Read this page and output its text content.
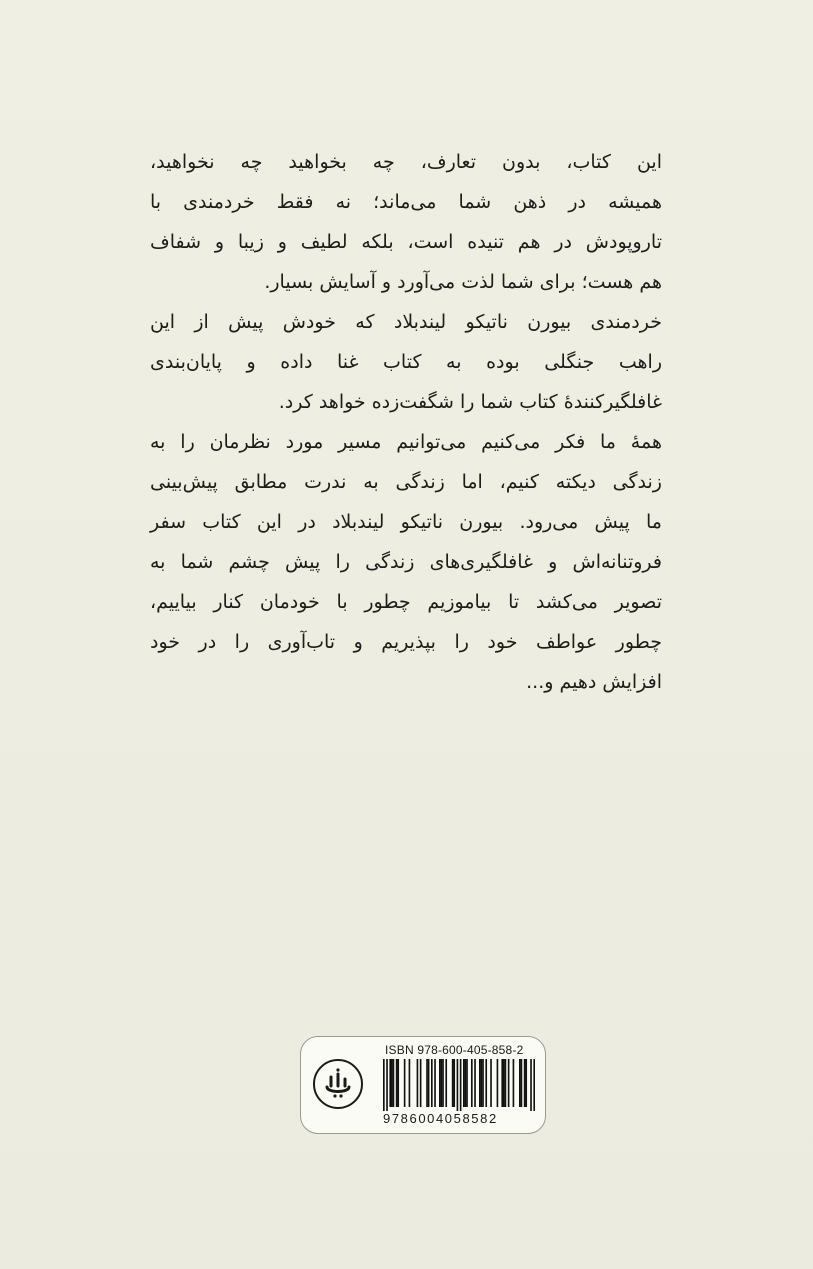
این کتاب، بدون تعارف، چه بخواهید چه نخواهید،
همیشه در ذهن شما می‌ماند؛ نه فقط خردمندی با
تاروپودش در هم تنیده است، بلکه لطیف و زیبا و شفاف
هم هست؛ برای شما لذت می‌آورد و آسایش بسیار.
خردمندی بیورن ناتیکو لیندبلاد که خودش پیش از این
راهب جنگلی بوده به کتاب غنا داده و پایان‌بندی
غافلگیرکنندهٔ کتاب شما را شگفت‌زده خواهد کرد.
همهٔ ما فکر می‌کنیم می‌توانیم مسیر مورد نظرمان را به
زندگی دیکته کنیم، اما زندگی به ندرت مطابق پیش‌بینی
ما پیش می‌رود. بیورن ناتیکو لیندبلاد در این کتاب سفر
فروتنانه‌اش و غافلگیری‌های زندگی را پیش چشم شما به
تصویر می‌کشد تا بیاموزیم چطور با خودمان کنار بیاییم،
چطور عواطف خود را بپذیریم و تاب‌آوری را در خود
افزایش دهیم و...
ISBN 978-600-405-858-2
9786004058582
